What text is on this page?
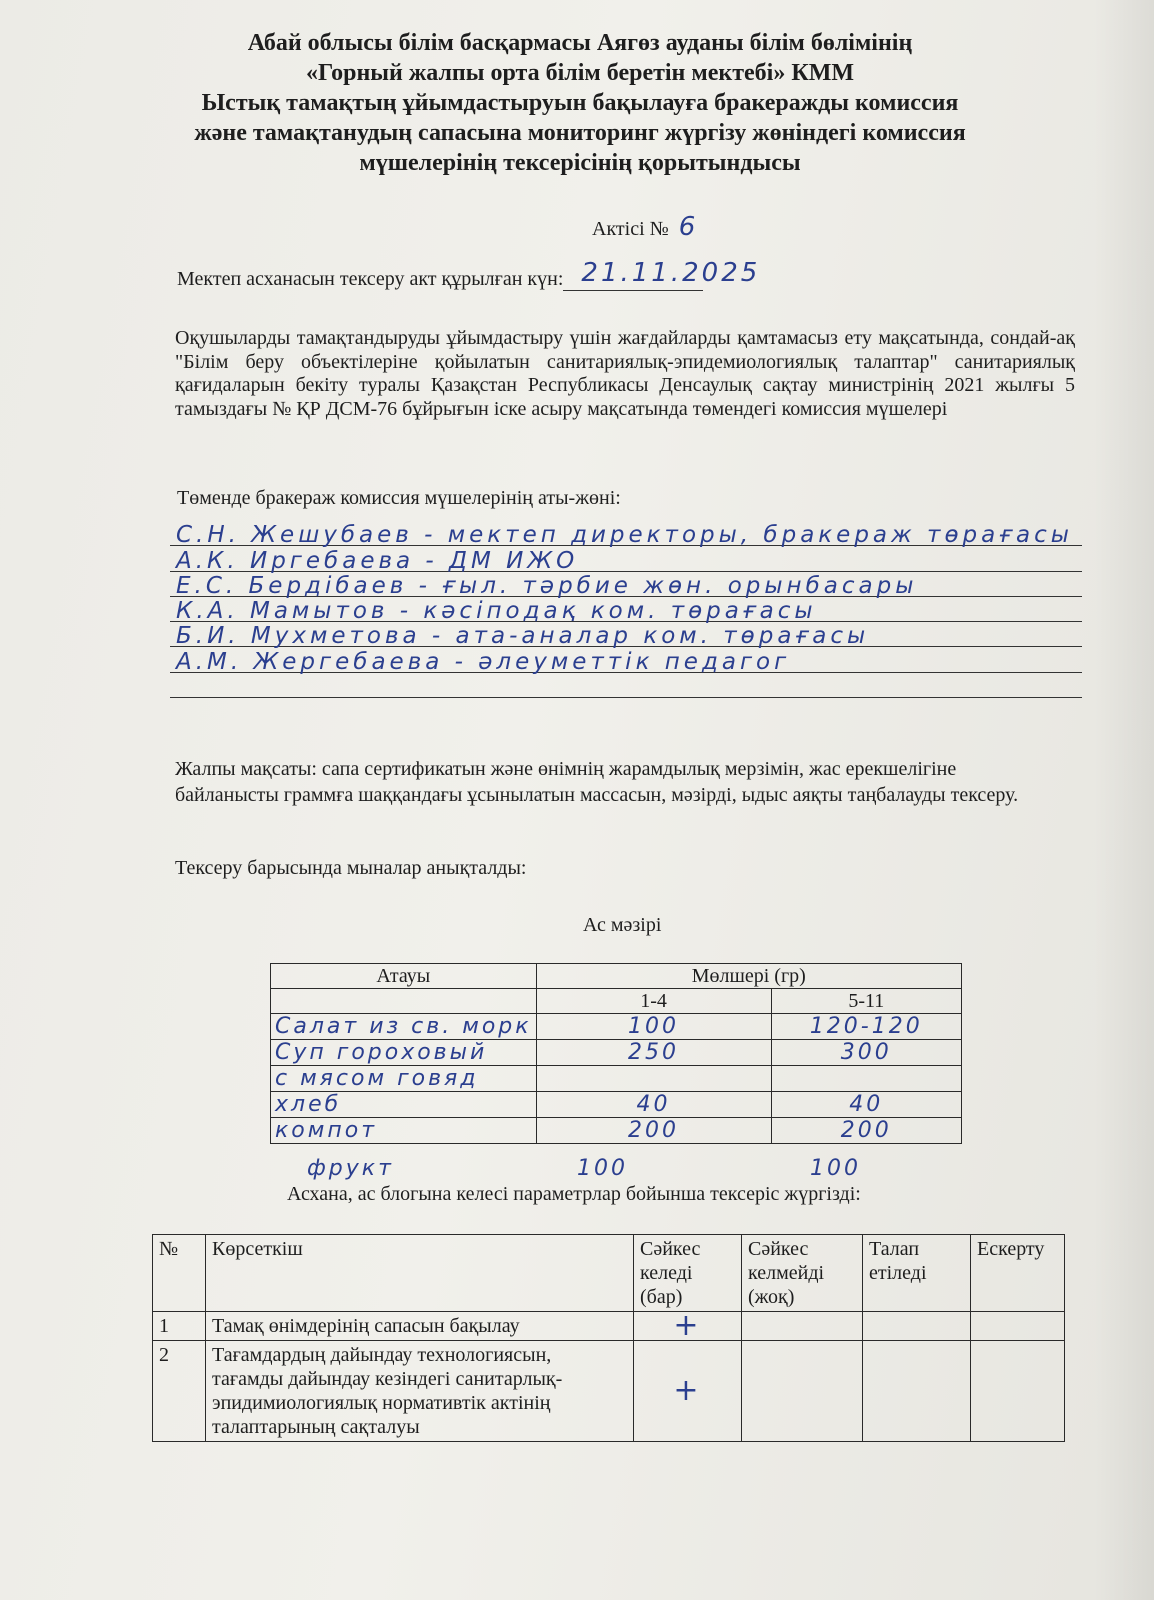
Абай облысы білім басқармасы Аягөз ауданы білім бөлімінің
«Горный жалпы орта білім беретін мектебі» КММ
Ыстық тамақтың ұйымдастыруын бақылауға бракеражды комиссия
және тамақтанудың сапасына мониторинг жүргізу жөніндегі комиссия
мүшелерінің тексерісінің қорытындысы
Актісі № 6
Мектеп асханасын тексеру акт құрылған күн: 21.11.2025
Оқушыларды тамақтандыруды ұйымдастыру үшін жағдайларды қамтамасыз ету мақсатында, сондай-ақ "Білім беру объектілеріне қойылатын санитариялық-эпидемиологиялық талаптар" санитариялық қағидаларын бекіту туралы Қазақстан Республикасы Денсаулық сақтау министрінің 2021 жылғы 5 тамыздағы № ҚР ДСМ-76 бұйрығын іске асыру мақсатында төмендегі комиссия мүшелері
Төменде бракераж комиссия мүшелерінің аты-жөні:
С.Н. Жешубаев - мектеп директоры, бракераж төрағасы
А.К. Иргебаева - ДМ ИЖО
Е.С. Бердібаев - ғыл. тәрбие жөн. орынбасары
К.А. Мамытов - кәсіподақ ком. төрағасы
Б.И. Мухметова - ата-аналар ком. төрағасы
А.М. Жергебаева - әлеуметтік педагог
Жалпы мақсаты: сапа сертификатын және өнімнің жарамдылық мерзімін, жас ерекшелігіне байланысты граммға шаққандағы ұсынылатын массасын, мәзірді, ыдыс аяқты таңбалауды тексеру.
Тексеру барысында мыналар анықталды:
Ас мәзірі
Атауы	Мөлшері (гр)	
	1-4	5-11
Салат из св. морк	100	120-120
Суп гороховый	250	300
с мясом говяд		
хлеб	40	40
компот	200	200
фрукт	100	100
Асхана, ас блогына келесі параметрлар бойынша тексеріс жүргізді:
№	Көрсеткіш	Сәйкес келеді (бар)	Сәйкес келмейді (жоқ)	Талап етіледі	Ескерту
1	Тамақ өнімдерінің сапасын бақылау	+			
2	Тағамдардың дайындау технологиясын, тағамды дайындау кезіндегі санитарлық-эпидимиологиялық нормативтік актінің талаптарының сақталуы	+			
